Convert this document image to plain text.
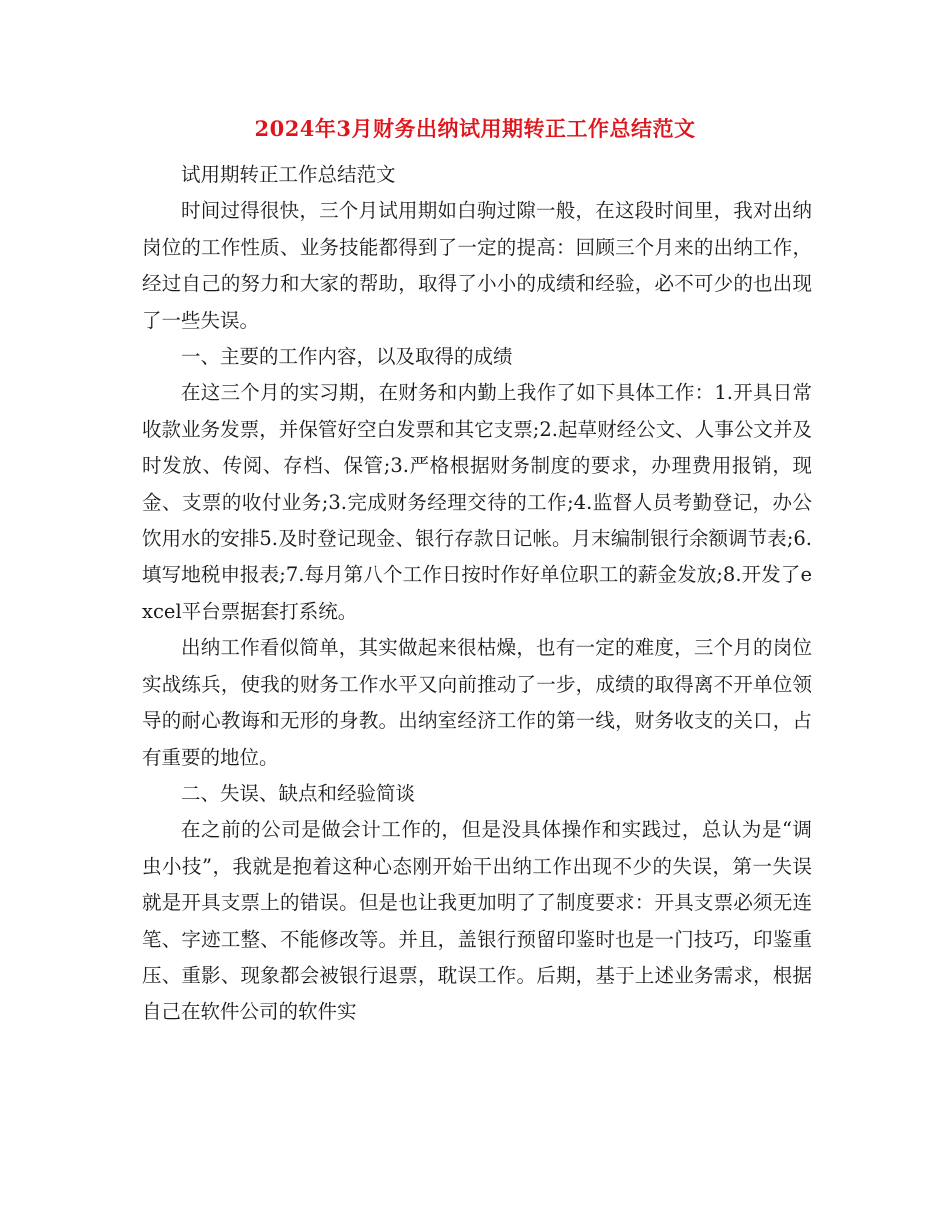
2024年3月财务出纳试用期转正工作总结范文

试用期转正工作总结范文

时间过得很快，三个月试用期如白驹过隙一般，在这段时间里，我对出纳岗位的工作性质、业务技能都得到了一定的提高：回顾三个月来的出纳工作，经过自己的努力和大家的帮助，取得了小小的成绩和经验，必不可少的也出现了一些失误。

一、主要的工作内容，以及取得的成绩

在这三个月的实习期，在财务和内勤上我作了如下具体工作：1.开具日常收款业务发票，并保管好空白发票和其它支票;2.起草财经公文、人事公文并及时发放、传阅、存档、保管;3.严格根据财务制度的要求，办理费用报销，现金、支票的收付业务;3.完成财务经理交待的工作;4.监督人员考勤登记，办公饮用水的安排5.及时登记现金、银行存款日记帐。月末编制银行余额调节表;6.填写地税申报表;7.每月第八个工作日按时作好单位职工的薪金发放;8.开发了excel平台票据套打系统。

出纳工作看似简单，其实做起来很枯燥，也有一定的难度，三个月的岗位实战练兵，使我的财务工作水平又向前推动了一步，成绩的取得离不开单位领导的耐心教诲和无形的身教。出纳室经济工作的第一线，财务收支的关口，占有重要的地位。

二、失误、缺点和经验简谈

在之前的公司是做会计工作的，但是没具体操作和实践过，总认为是“调虫小技”，我就是抱着这种心态刚开始干出纳工作出现不少的失误，第一失误就是开具支票上的错误。但是也让我更加明了了制度要求：开具支票必须无连笔、字迹工整、不能修改等。并且，盖银行预留印鉴时也是一门技巧，印鉴重压、重影、现象都会被银行退票，耽误工作。后期，基于上述业务需求，根据自己在软件公司的软件实
